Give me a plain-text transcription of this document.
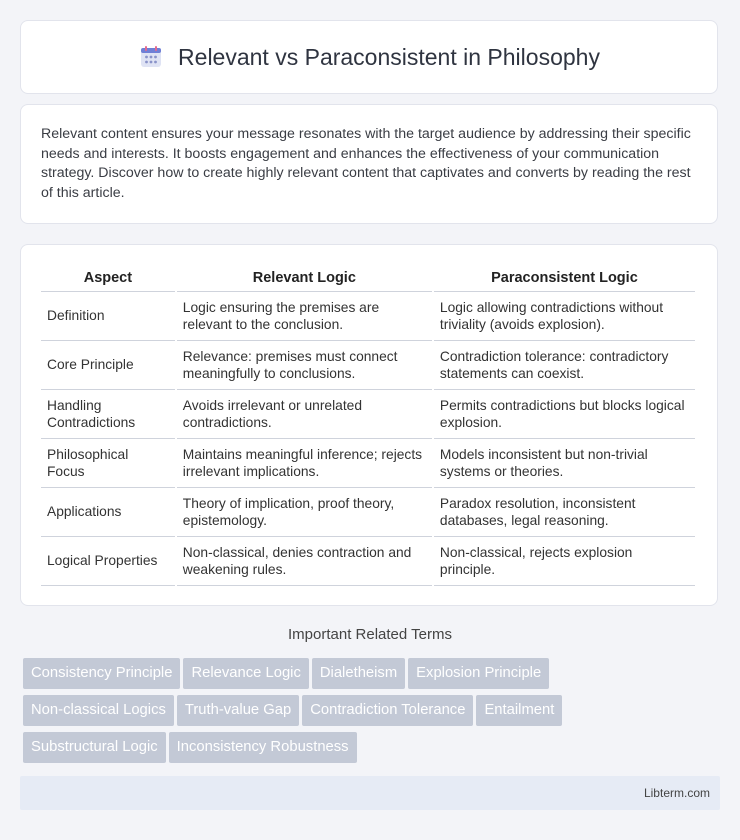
Relevant vs Paraconsistent in Philosophy

Relevant content ensures your message resonates with the target audience by addressing their specific needs and interests. It boosts engagement and enhances the effectiveness of your communication strategy. Discover how to create highly relevant content that captivates and converts by reading the rest of this article.

Aspect	Relevant Logic	Paraconsistent Logic
Definition	Logic ensuring the premises are relevant to the conclusion.	Logic allowing contradictions without triviality (avoids explosion).
Core Principle	Relevance: premises must connect meaningfully to conclusions.	Contradiction tolerance: contradictory statements can coexist.
Handling Contradictions	Avoids irrelevant or unrelated contradictions.	Permits contradictions but blocks logical explosion.
Philosophical Focus	Maintains meaningful inference; rejects irrelevant implications.	Models inconsistent but non-trivial systems or theories.
Applications	Theory of implication, proof theory, epistemology.	Paradox resolution, inconsistent databases, legal reasoning.
Logical Properties	Non-classical, denies contraction and weakening rules.	Non-classical, rejects explosion principle.
Important Related Terms
Consistency Principle Relevance Logic Dialetheism Explosion Principle
Non-classical Logics Truth-value Gap Contradiction Tolerance Entailment
Substructural Logic Inconsistency Robustness
Libterm.com
